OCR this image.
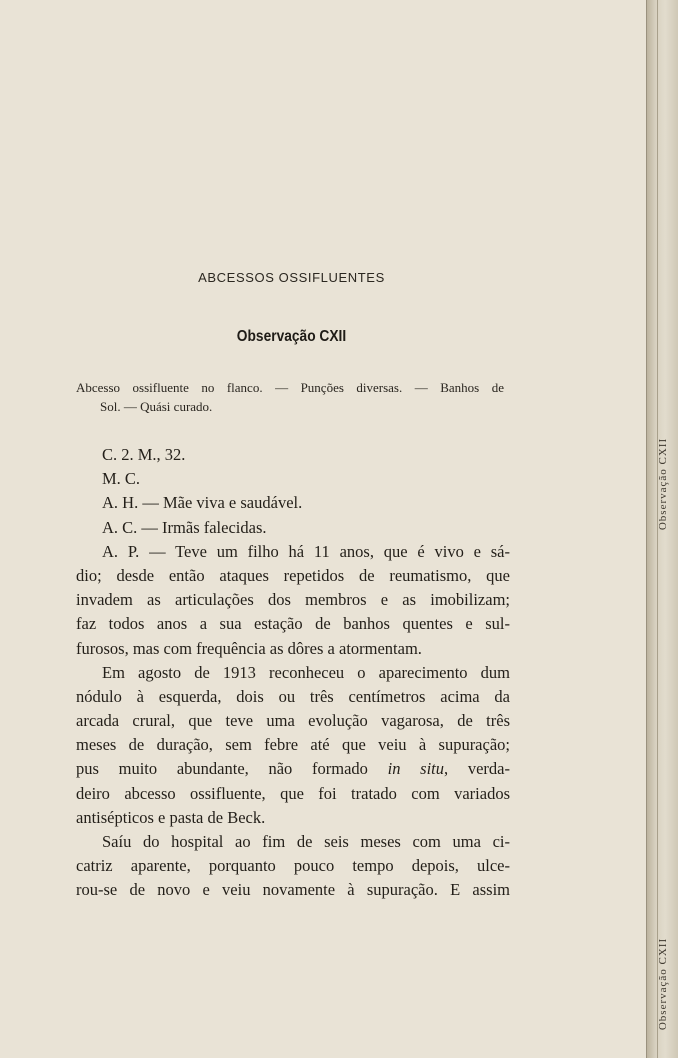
ABCESSOS OSSIFLUENTES
Observação CXII
Abcesso ossifluente no flanco. — Punções diversas. — Banhos de
Sol. — Quási curado.
C. 2. M., 32.
M. C.
A. H. — Mãe viva e saudável.
A. C. — Irmãs falecidas.
A. P. — Teve um filho há 11 anos, que é vivo e sá-
dio; desde então ataques repetidos de reumatismo, que
invadem as articulações dos membros e as imobilizam;
faz todos anos a sua estação de banhos quentes e sul-
furosos, mas com frequência as dôres a atormentam.
Em agosto de 1913 reconheceu o aparecimento dum
nódulo à esquerda, dois ou três centímetros acima da
arcada crural, que teve uma evolução vagarosa, de três
meses de duração, sem febre até que veiu à supuração;
pus muito abundante, não formado in situ, verda-
deiro abcesso ossifluente, que foi tratado com variados
antisépticos e pasta de Beck.
Saíu do hospital ao fim de seis meses com uma ci-
catriz aparente, porquanto pouco tempo depois, ulce-
rou-se de novo e veiu novamente à supuração. E assim
Observação CXII
Observação CXII
